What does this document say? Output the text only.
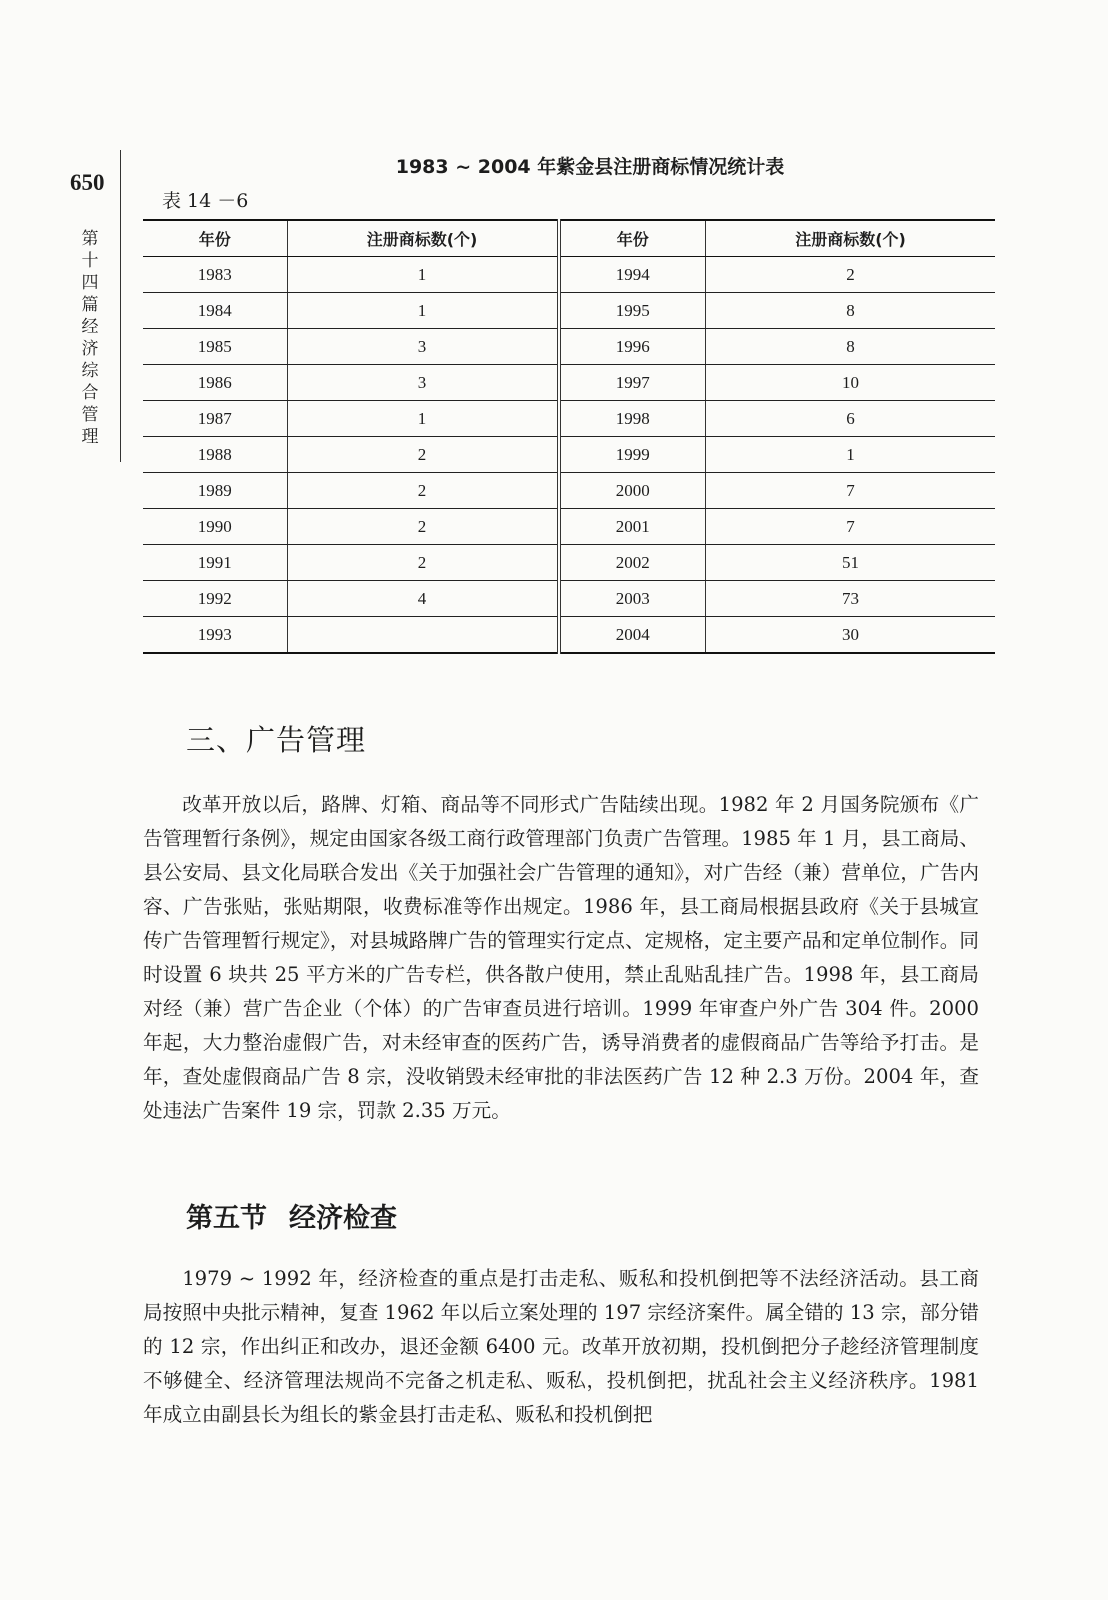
650
第十四篇 经济综合管理
1983 ~ 2004 年紫金县注册商标情况统计表
表 14 －6
年份	注册商标数(个)	年份	注册商标数(个)
1983	1	1994	2
1984	1	1995	8
1985	3	1996	8
1986	3	1997	10
1987	1	1998	6
1988	2	1999	1
1989	2	2000	7
1990	2	2001	7
1991	2	2002	51
1992	4	2003	73
1993		2004	30
三、广告管理

改革开放以后，路牌、灯箱、商品等不同形式广告陆续出现。1982 年 2 月国务院颁布《广告管理暂行条例》，规定由国家各级工商行政管理部门负责广告管理。1985 年 1 月，县工商局、县公安局、县文化局联合发出《关于加强社会广告管理的通知》，对广告经（兼）营单位，广告内容、广告张贴，张贴期限，收费标准等作出规定。1986 年，县工商局根据县政府《关于县城宣传广告管理暂行规定》，对县城路牌广告的管理实行定点、定规格，定主要产品和定单位制作。同时设置 6 块共 25 平方米的广告专栏，供各散户使用，禁止乱贴乱挂广告。1998 年，县工商局对经（兼）营广告企业（个体）的广告审查员进行培训。1999 年审查户外广告 304 件。2000 年起，大力整治虚假广告，对未经审查的医药广告，诱导消费者的虚假商品广告等给予打击。是年，查处虚假商品广告 8 宗，没收销毁未经审批的非法医药广告 12 种 2.3 万份。2004 年，查处违法广告案件 19 宗，罚款 2.35 万元。

第五节 经济检查

1979 ~ 1992 年，经济检查的重点是打击走私、贩私和投机倒把等不法经济活动。县工商局按照中央批示精神，复查 1962 年以后立案处理的 197 宗经济案件。属全错的 13 宗，部分错的 12 宗，作出纠正和改办，退还金额 6400 元。改革开放初期，投机倒把分子趁经济管理制度不够健全、经济管理法规尚不完备之机走私、贩私，投机倒把，扰乱社会主义经济秩序。1981 年成立由副县长为组长的紫金县打击走私、贩私和投机倒把
